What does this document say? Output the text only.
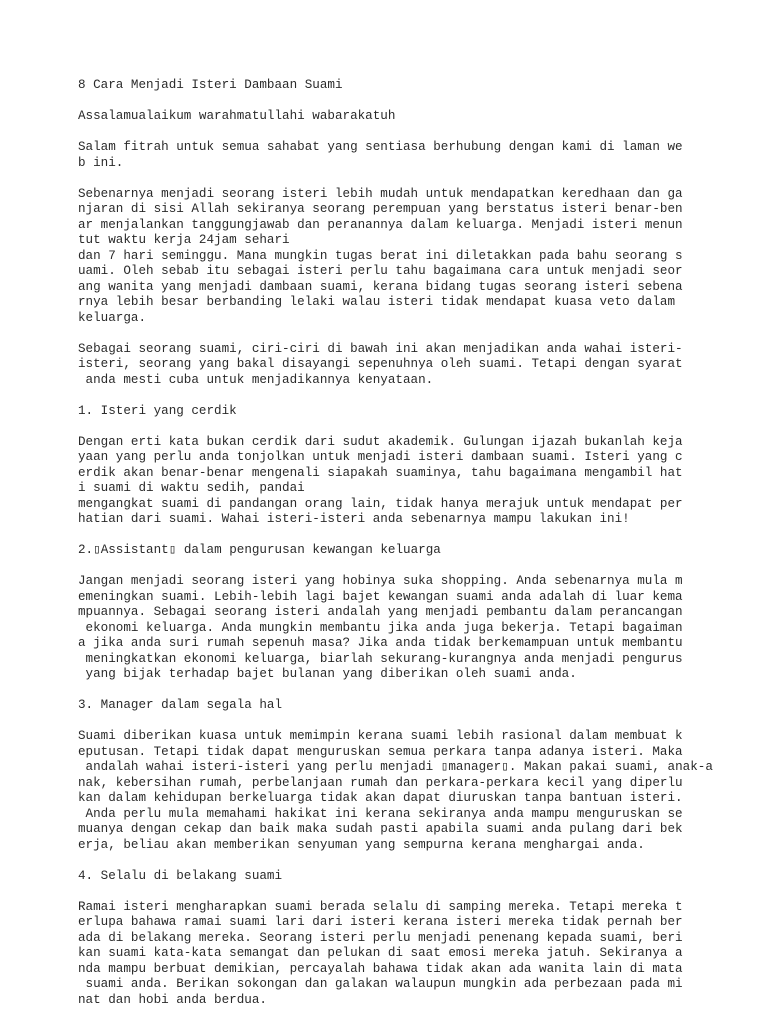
8 Cara Menjadi Isteri Dambaan Suami
Assalamualaikum warahmatullahi wabarakatuh
Salam fitrah untuk semua sahabat yang sentiasa berhubung dengan kami di laman we
b ini.
Sebenarnya menjadi seorang isteri lebih mudah untuk mendapatkan keredhaan dan ga
njaran di sisi Allah sekiranya seorang perempuan yang berstatus isteri benar-ben
ar menjalankan tanggungjawab dan peranannya dalam keluarga. Menjadi isteri menun
tut waktu kerja 24jam sehari
dan 7 hari seminggu. Mana mungkin tugas berat ini diletakkan pada bahu seorang s
uami. Oleh sebab itu sebagai isteri perlu tahu bagaimana cara untuk menjadi seor
ang wanita yang menjadi dambaan suami, kerana bidang tugas seorang isteri sebena
rnya lebih besar berbanding lelaki walau isteri tidak mendapat kuasa veto dalam
keluarga.
Sebagai seorang suami, ciri-ciri di bawah ini akan menjadikan anda wahai isteri-
isteri, seorang yang bakal disayangi sepenuhnya oleh suami. Tetapi dengan syarat
anda mesti cuba untuk menjadikannya kenyataan.
1. Isteri yang cerdik
Dengan erti kata bukan cerdik dari sudut akademik. Gulungan ijazah bukanlah keja
yaan yang perlu anda tonjolkan untuk menjadi isteri dambaan suami. Isteri yang c
erdik akan benar-benar mengenali siapakah suaminya, tahu bagaimana mengambil hat
i suami di waktu sedih, pandai
mengangkat suami di pandangan orang lain, tidak hanya merajuk untuk mendapat per
hatian dari suami. Wahai isteri-isteri anda sebenarnya mampu lakukan ini!
2.▯Assistant▯ dalam pengurusan kewangan keluarga
Jangan menjadi seorang isteri yang hobinya suka shopping. Anda sebenarnya mula m
emeningkan suami. Lebih-lebih lagi bajet kewangan suami anda adalah di luar kema
mpuannya. Sebagai seorang isteri andalah yang menjadi pembantu dalam perancangan
ekonomi keluarga. Anda mungkin membantu jika anda juga bekerja. Tetapi bagaiman
a jika anda suri rumah sepenuh masa? Jika anda tidak berkemampuan untuk membantu
meningkatkan ekonomi keluarga, biarlah sekurang-kurangnya anda menjadi pengurus
yang bijak terhadap bajet bulanan yang diberikan oleh suami anda.
3. Manager dalam segala hal
Suami diberikan kuasa untuk memimpin kerana suami lebih rasional dalam membuat k
eputusan. Tetapi tidak dapat menguruskan semua perkara tanpa adanya isteri. Maka
andalah wahai isteri-isteri yang perlu menjadi ▯manager▯. Makan pakai suami, anak-a
nak, kebersihan rumah, perbelanjaan rumah dan perkara-perkara kecil yang diperlu
kan dalam kehidupan berkeluarga tidak akan dapat diuruskan tanpa bantuan isteri.
Anda perlu mula memahami hakikat ini kerana sekiranya anda mampu menguruskan se
muanya dengan cekap dan baik maka sudah pasti apabila suami anda pulang dari bek
erja, beliau akan memberikan senyuman yang sempurna kerana menghargai anda.
4. Selalu di belakang suami
Ramai isteri mengharapkan suami berada selalu di samping mereka. Tetapi mereka t
erlupa bahawa ramai suami lari dari isteri kerana isteri mereka tidak pernah ber
ada di belakang mereka. Seorang isteri perlu menjadi penenang kepada suami, beri
kan suami kata-kata semangat dan pelukan di saat emosi mereka jatuh. Sekiranya a
nda mampu berbuat demikian, percayalah bahawa tidak akan ada wanita lain di mata
suami anda. Berikan sokongan dan galakan walaupun mungkin ada perbezaan pada mi
nat dan hobi anda berdua.
